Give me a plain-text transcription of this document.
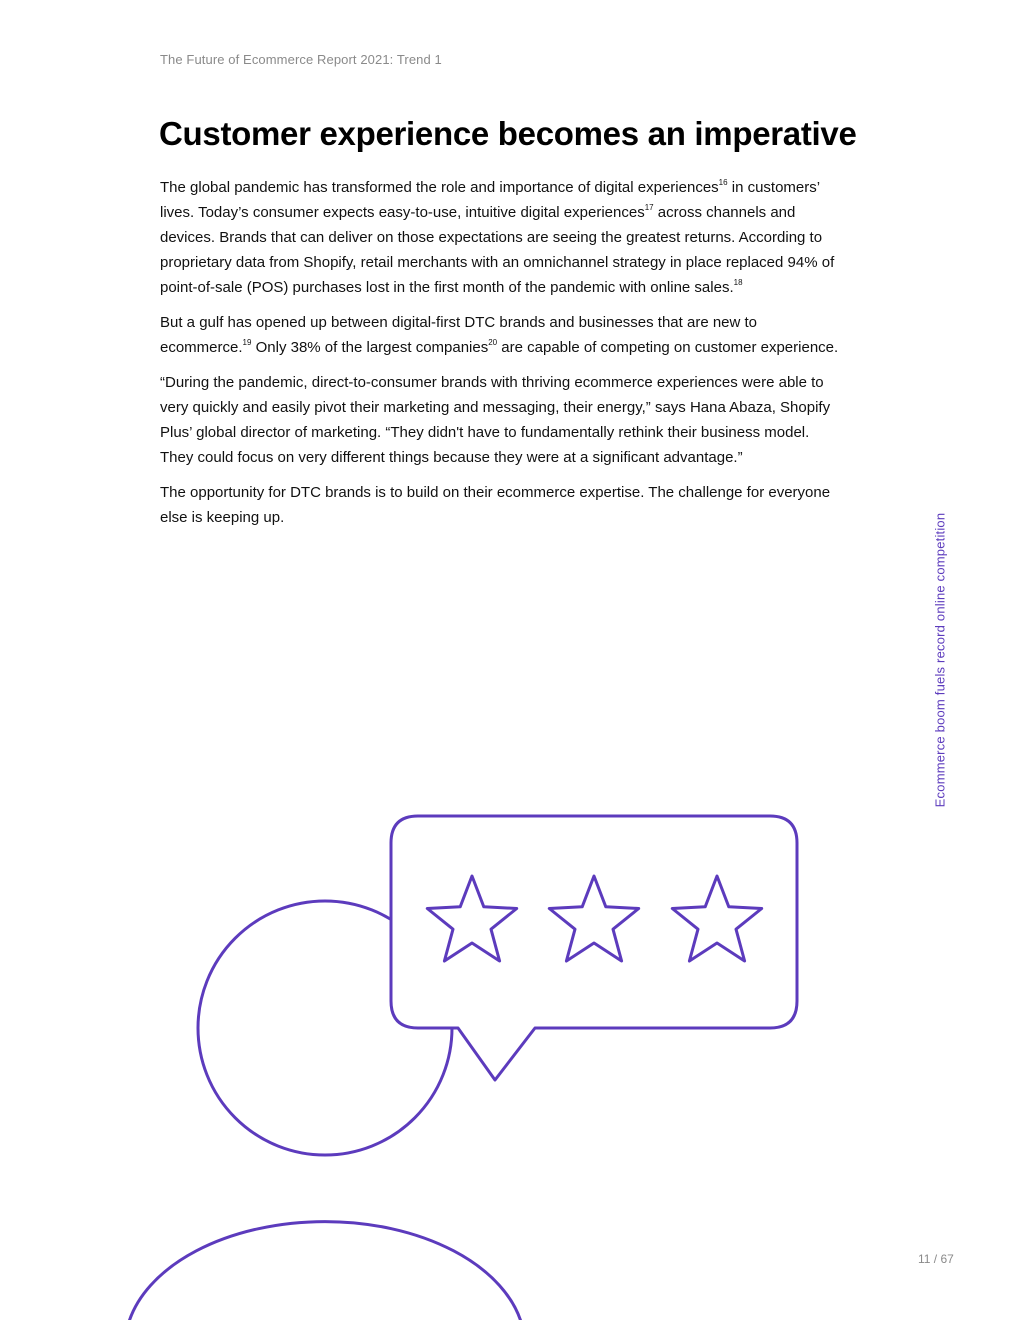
The Future of Ecommerce Report 2021: Trend 1
Customer experience becomes an imperative

The global pandemic has transformed the role and importance of digital experiences$^{16}$ in customers’ lives. Today’s consumer expects easy-to-use, intuitive digital experiences$^{17}$ across channels and devices. Brands that can deliver on those expectations are seeing the greatest returns. According to proprietary data from Shopify, retail merchants with an omnichannel strategy in place replaced 94% of point-of-sale (POS) purchases lost in the first month of the pandemic with online sales.$^{18}$

But a gulf has opened up between digital-first DTC brands and businesses that are new to ecommerce.$^{19}$ Only 38% of the largest companies$^{20}$ are capable of competing on customer experience.

“During the pandemic, direct-to-consumer brands with thriving ecommerce experiences were able to very quickly and easily pivot their marketing and messaging, their energy,” says Hana Abaza, Shopify Plus’ global director of marketing. “They didn't have to fundamentally rethink their business model. They could focus on very different things because they were at a significant advantage.”

The opportunity for DTC brands is to build on their ecommerce expertise. The challenge for everyone else is keeping up.	Ecommerce boom fuels record online competition
11 / 67
